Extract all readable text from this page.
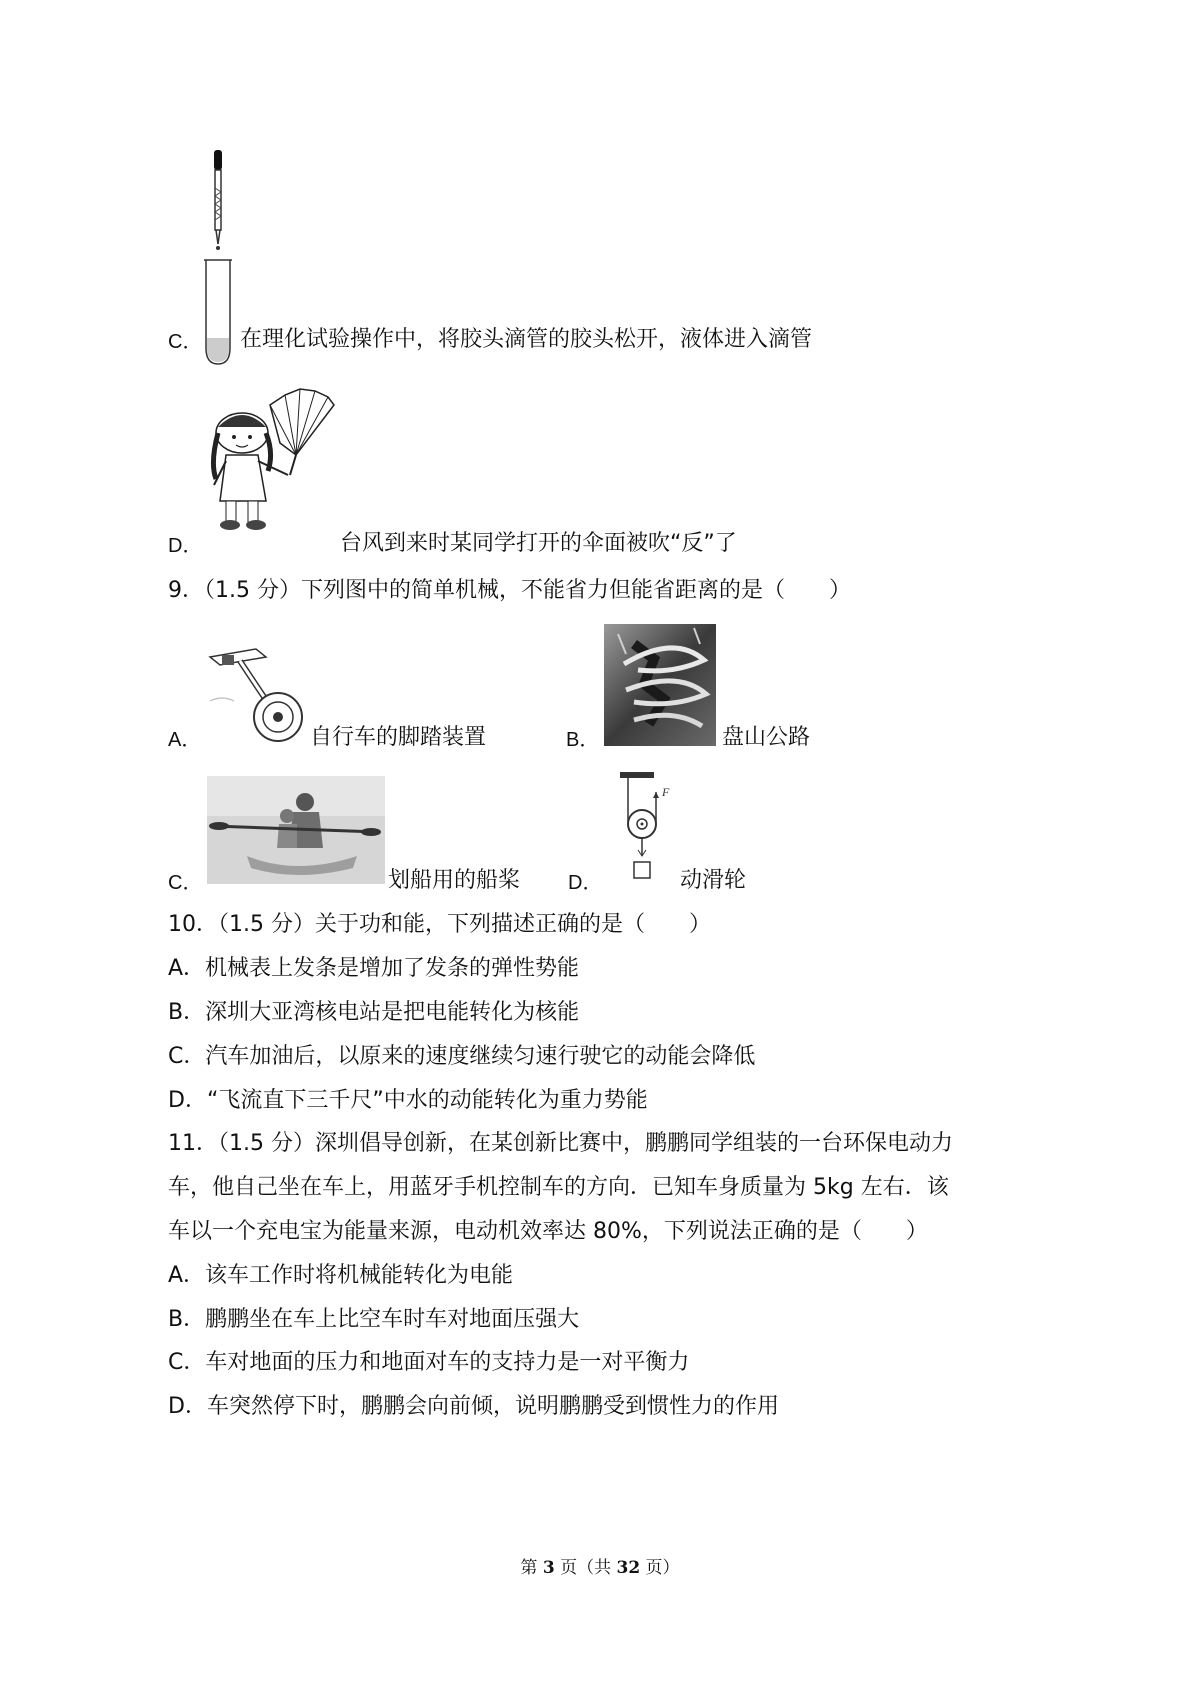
C． 在理化试验操作中，将胶头滴管的胶头松开，液体进入滴管
D．	台风到来时某同学打开的伞面被吹“反”了
9．（1.5 分）下列图中的简单机械，不能省力但能省距离的是（　　）
A．	自行车的脚踏装置	B．	盘山公路
C．	划船用的船桨
F
D．	动滑轮
10．（1.5 分）关于功和能，下列描述正确的是（　　）
A．机械表上发条是增加了发条的弹性势能
B．深圳大亚湾核电站是把电能转化为核能
C．汽车加油后，以原来的速度继续匀速行驶它的动能会降低
D．“飞流直下三千尺”中水的动能转化为重力势能
11．（1.5 分）深圳倡导创新，在某创新比赛中，鹏鹏同学组装的一台环保电动力
车，他自己坐在车上，用蓝牙手机控制车的方向．已知车身质量为 5kg 左右．该
车以一个充电宝为能量来源，电动机效率达 80%，下列说法正确的是（　　）
A．该车工作时将机械能转化为电能
B．鹏鹏坐在车上比空车时车对地面压强大
C．车对地面的压力和地面对车的支持力是一对平衡力
D．车突然停下时，鹏鹏会向前倾，说明鹏鹏受到惯性力的作用
第 3 页（共 32 页）
